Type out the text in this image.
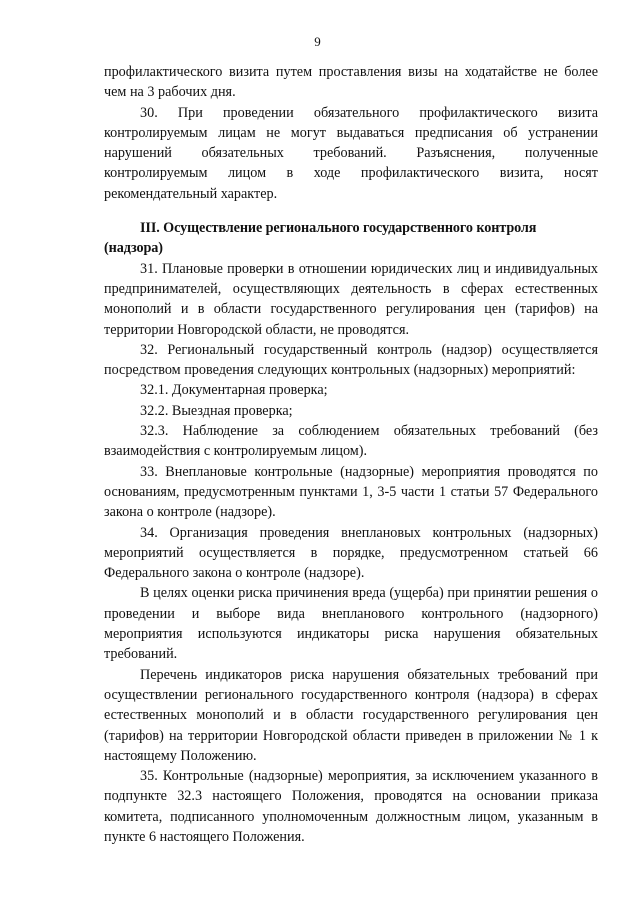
9

профилактического визита путем проставления визы на ходатайстве не более чем на 3 рабочих дня.

30. При проведении обязательного профилактического визита контролируемым лицам не могут выдаваться предписания об устранении нарушений обязательных требований. Разъяснения, полученные контролируемым лицом в ходе профилактического визита, носят рекомендательный характер.

III. Осуществление регионального государственного контроля (надзора)

31. Плановые проверки в отношении юридических лиц и индивидуальных предпринимателей, осуществляющих деятельность в сферах естественных монополий и в области государственного регулирования цен (тарифов) на территории Новгородской области, не проводятся.

32. Региональный государственный контроль (надзор) осуществляется посредством проведения следующих контрольных (надзорных) мероприятий:

32.1. Документарная проверка;

32.2. Выездная проверка;

32.3. Наблюдение за соблюдением обязательных требований (без взаимодействия с контролируемым лицом).

33. Внеплановые контрольные (надзорные) мероприятия проводятся по основаниям, предусмотренным пунктами 1, 3-5 части 1 статьи 57 Федерального закона о контроле (надзоре).

34. Организация проведения внеплановых контрольных (надзорных) мероприятий осуществляется в порядке, предусмотренном статьей 66 Федерального закона о контроле (надзоре).

В целях оценки риска причинения вреда (ущерба) при принятии решения о проведении и выборе вида внепланового контрольного (надзорного) мероприятия используются индикаторы риска нарушения обязательных требований.

Перечень индикаторов риска нарушения обязательных требований при осуществлении регионального государственного контроля (надзора) в сферах естественных монополий и в области государственного регулирования цен (тарифов) на территории Новгородской области приведен в приложении № 1 к настоящему Положению.

35. Контрольные (надзорные) мероприятия, за исключением указанного в подпункте 32.3 настоящего Положения, проводятся на основании приказа комитета, подписанного уполномоченным должностным лицом, указанным в пункте 6 настоящего Положения.
